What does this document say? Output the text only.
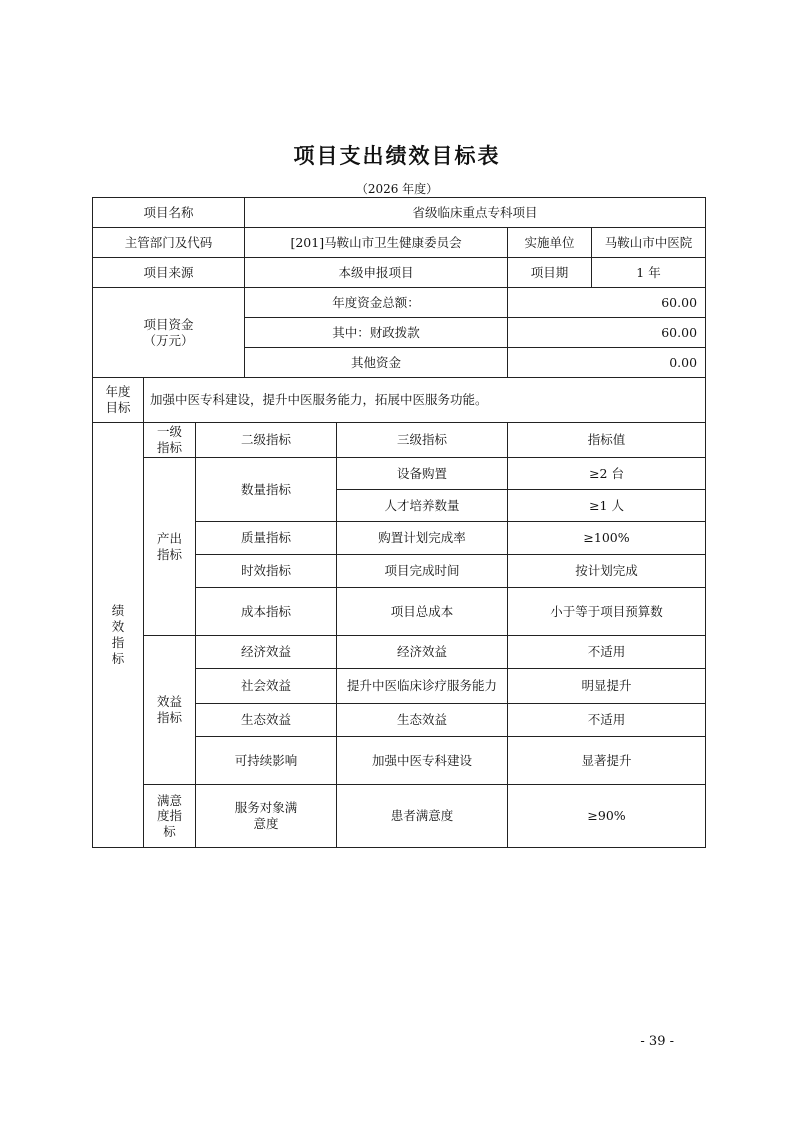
项目支出绩效目标表
（2026 年度）
项目名称			省级临床重点专科项目			
主管部门及代码			[201]马鞍山市卫生健康委员会		实施单位	马鞍山市中医院
项目来源			本级申报项目		项目期	1 年

项目资金
（万元）			年度资金总额：		60.00	
			其中：财政拨款		60.00	
			其他资金		0.00	

年度
目标	加强中医专科建设，提升中医服务能力，拓展中医服务功能。					

绩效指标	一级指标	二级指标		三级指标	指标值	

	产出指标	数量指标		设备购置	≥2 台	
				人才培养数量	≥1 人	
		质量指标		购置计划完成率	≥100%	
		时效指标		项目完成时间	按计划完成	
		成本指标		项目总成本	小于等于项目预算数	

	效益指标	经济效益		经济效益	不适用	
		社会效益		提升中医临床诊疗服务能力	明显提升	
		生态效益		生态效益	不适用	
		可持续影响		加强中医专科建设	显著提升	

	满意度指标	服务对象满意度		患者满意度	≥90%	
- 39 -
